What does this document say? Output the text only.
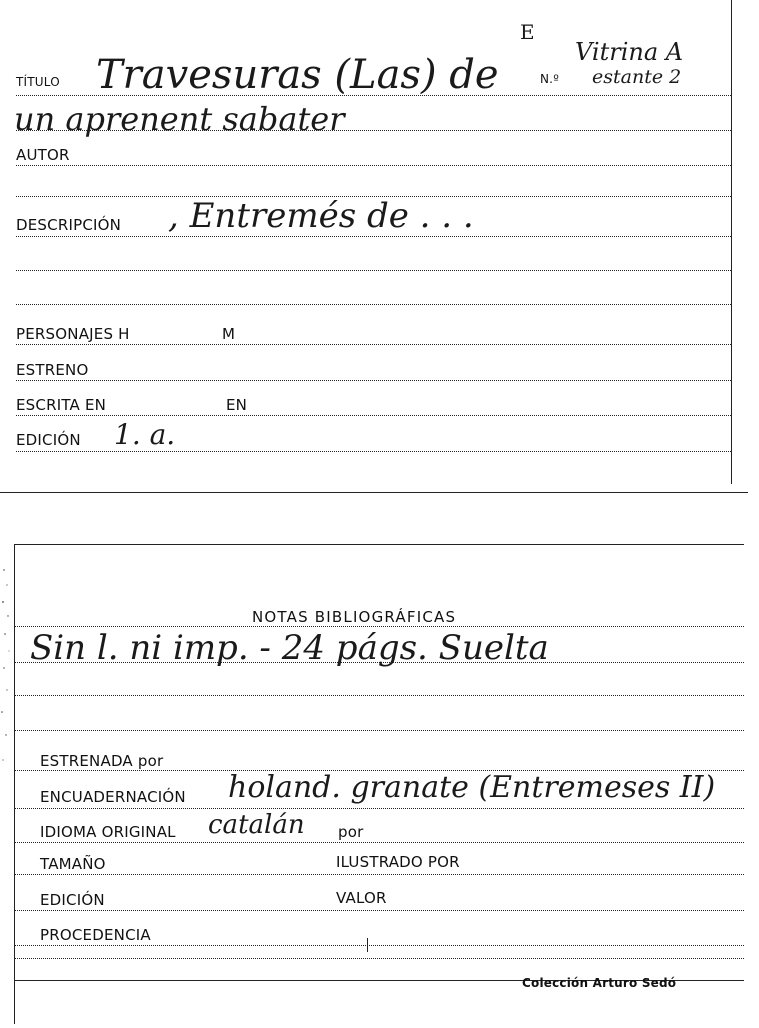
E
TÍTULO Travesuras (Las) de	N.º
Vitrina A
estante 2
un aprenent sabater
AUTOR
DESCRIPCIÓN , Entremés de . . .
PERSONAJES H	M
ESTRENO
ESCRITA EN	EN
EDICIÓN 1. a.
NOTAS BIBLIOGRÁFICAS
Sin l. ni imp. - 24 págs. Suelta
ESTRENADA por
ENCUADERNACIÓN holand. granate (Entremeses II)
IDIOMA ORIGINAL catalán por
TAMAÑO	ILUSTRADO POR
EDICIÓN	VALOR
PROCEDENCIA
Colección Arturo Sedó
